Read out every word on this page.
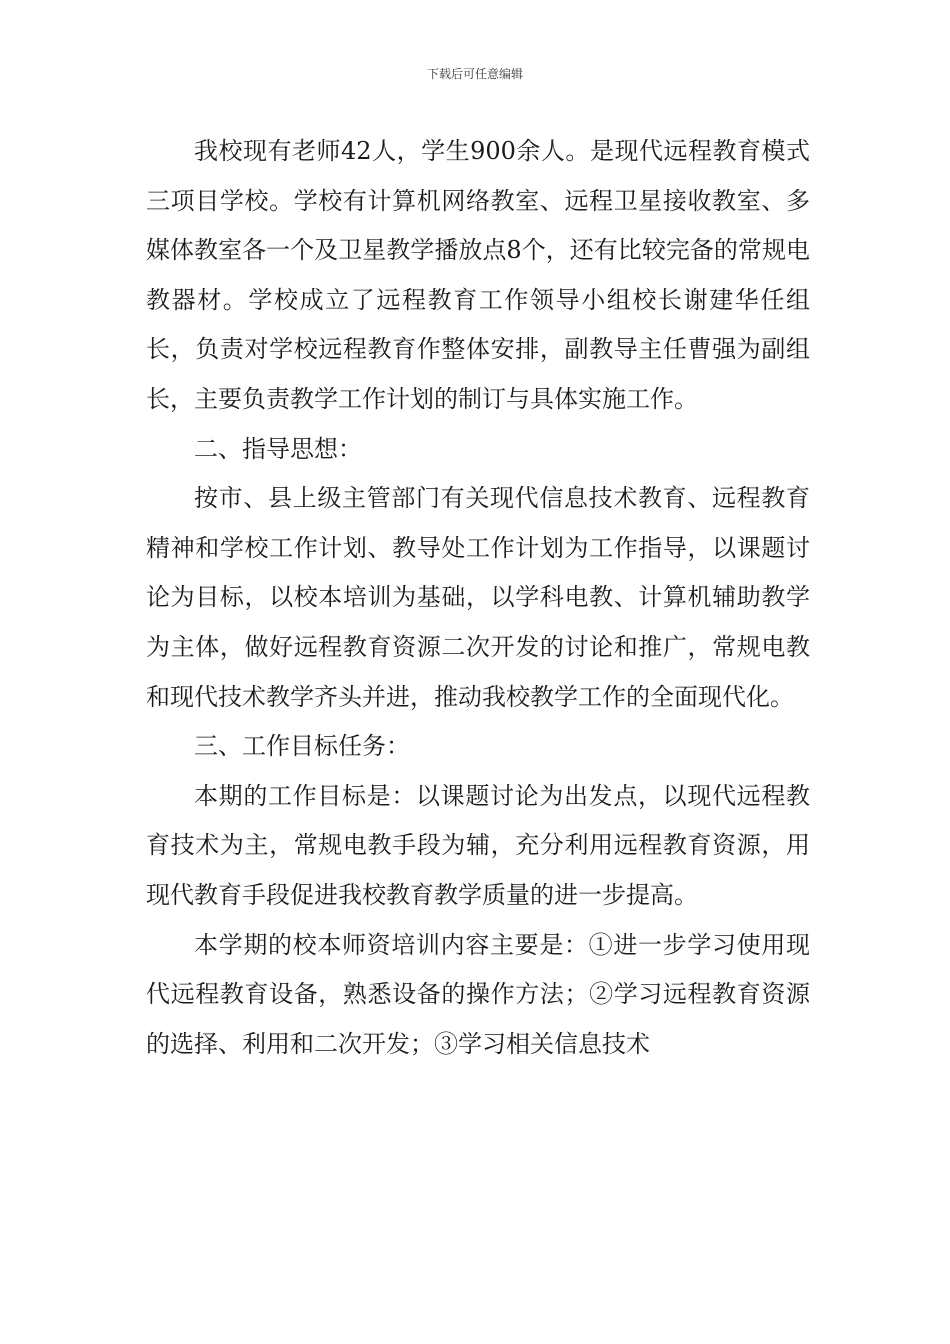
下载后可任意编辑

我校现有老师42人，学生900余人。是现代远程教育模式三项目学校。学校有计算机网络教室、远程卫星接收教室、多媒体教室各一个及卫星教学播放点8个，还有比较完备的常规电教器材。学校成立了远程教育工作领导小组校长谢建华任组长，负责对学校远程教育作整体安排，副教导主任曹强为副组长，主要负责教学工作计划的制订与具体实施工作。

二、指导思想：

按市、县上级主管部门有关现代信息技术教育、远程教育精神和学校工作计划、教导处工作计划为工作指导，以课题讨论为目标，以校本培训为基础，以学科电教、计算机辅助教学为主体，做好远程教育资源二次开发的讨论和推广，常规电教和现代技术教学齐头并进，推动我校教学工作的全面现代化。

三、工作目标任务：

本期的工作目标是：以课题讨论为出发点，以现代远程教育技术为主，常规电教手段为辅，充分利用远程教育资源，用现代教育手段促进我校教育教学质量的进一步提高。

本学期的校本师资培训内容主要是：①进一步学习使用现代远程教育设备，熟悉设备的操作方法；②学习远程教育资源的选择、利用和二次开发；③学习相关信息技术
